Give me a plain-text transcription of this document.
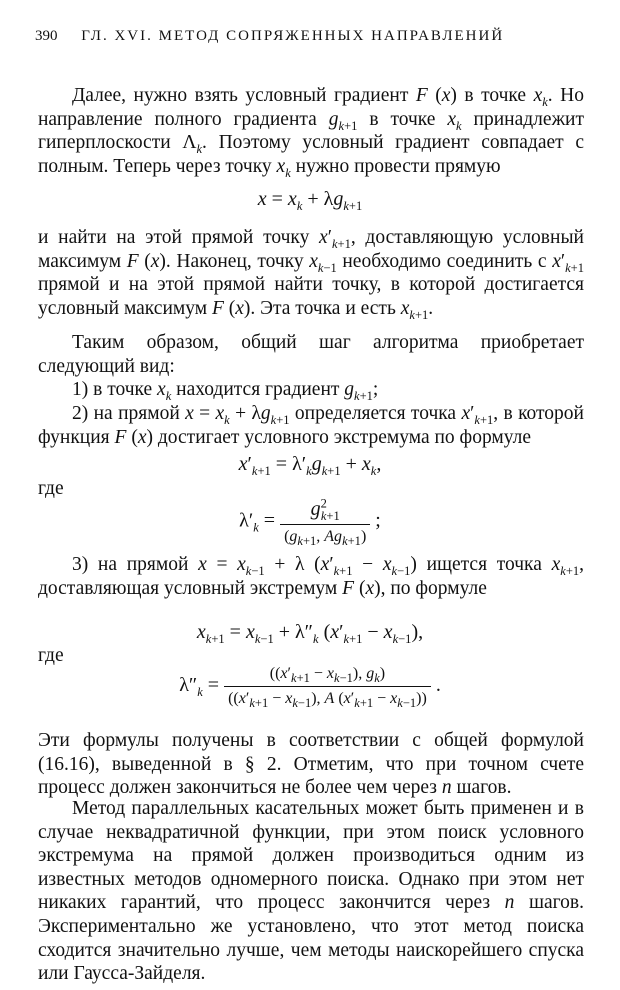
390 ГЛ. XVI. МЕТОД СОПРЯЖЕННЫХ НАПРАВЛЕНИЙ
Далее, нужно взять условный градиент F (x) в точке $x_k$. Но направление полного градиента $g_{k+1}$ в точке $x_k$ принадлежит гиперплоскости $\Lambda_k$. Поэтому условный градиент совпадает с полным. Теперь через точку $x_k$ нужно провести прямую
$x = x_k + \lambda g_{k+1}$
и найти на этой прямой точку $x'_{k+1}$, доставляющую условный максимум F (x). Наконец, точку $x_{k-1}$ необходимо соединить с $x'_{k+1}$ прямой и на этой прямой найти точку, в которой достигается условный максимум F (x). Эта точка и есть $x_{k+1}$.
Таким образом, общий шаг алгоритма приобретает следующий вид:
1) в точке $x_k$ находится градиент $g_{k+1}$;
2) на прямой $x = x_k + \lambda g_{k+1}$ определяется точка $x'_{k+1}$, в которой функция F (x) достигает условного экстремума по формуле
$x'_{k+1} = \lambda'_kg_{k+1} + x_k$,
где
$\lambda'_k = \frac{g^2_{k+1}}{(g_{k+1}, Ag_{k+1})}$ ;
3) на прямой $x = x_{k-1} + \lambda$ $(x'_{k+1} - x_{k-1})$ ищется точка $x_{k+1}$, доставляющая условный экстремум F (x), по формуле
$x_{k+1} = x_{k-1} + \lambda''_k$ $(x'_{k+1} - x_{k-1})$,
где
$\lambda''_k = \frac{((x'_{k+1} - x_{k-1}), g_k)}{((x'_{k+1} - x_{k-1}), A (x'_{k+1} - x_{k-1}))}$ .
Эти формулы получены в соответствии с общей формулой (16.16), выведенной в § 2. Отметим, что при точном счете процесс должен закончиться не более чем через n шагов.
Метод параллельных касательных может быть применен и в случае неквадратичной функции, при этом поиск условного экстремума на прямой должен производиться одним из известных методов одномерного поиска. Однако при этом нет никаких гарантий, что процесс закончится через n шагов. Экспериментально же установлено, что этот метод поиска сходится значительно лучше, чем методы наискорейшего спуска или Гаусса-Зайделя.
